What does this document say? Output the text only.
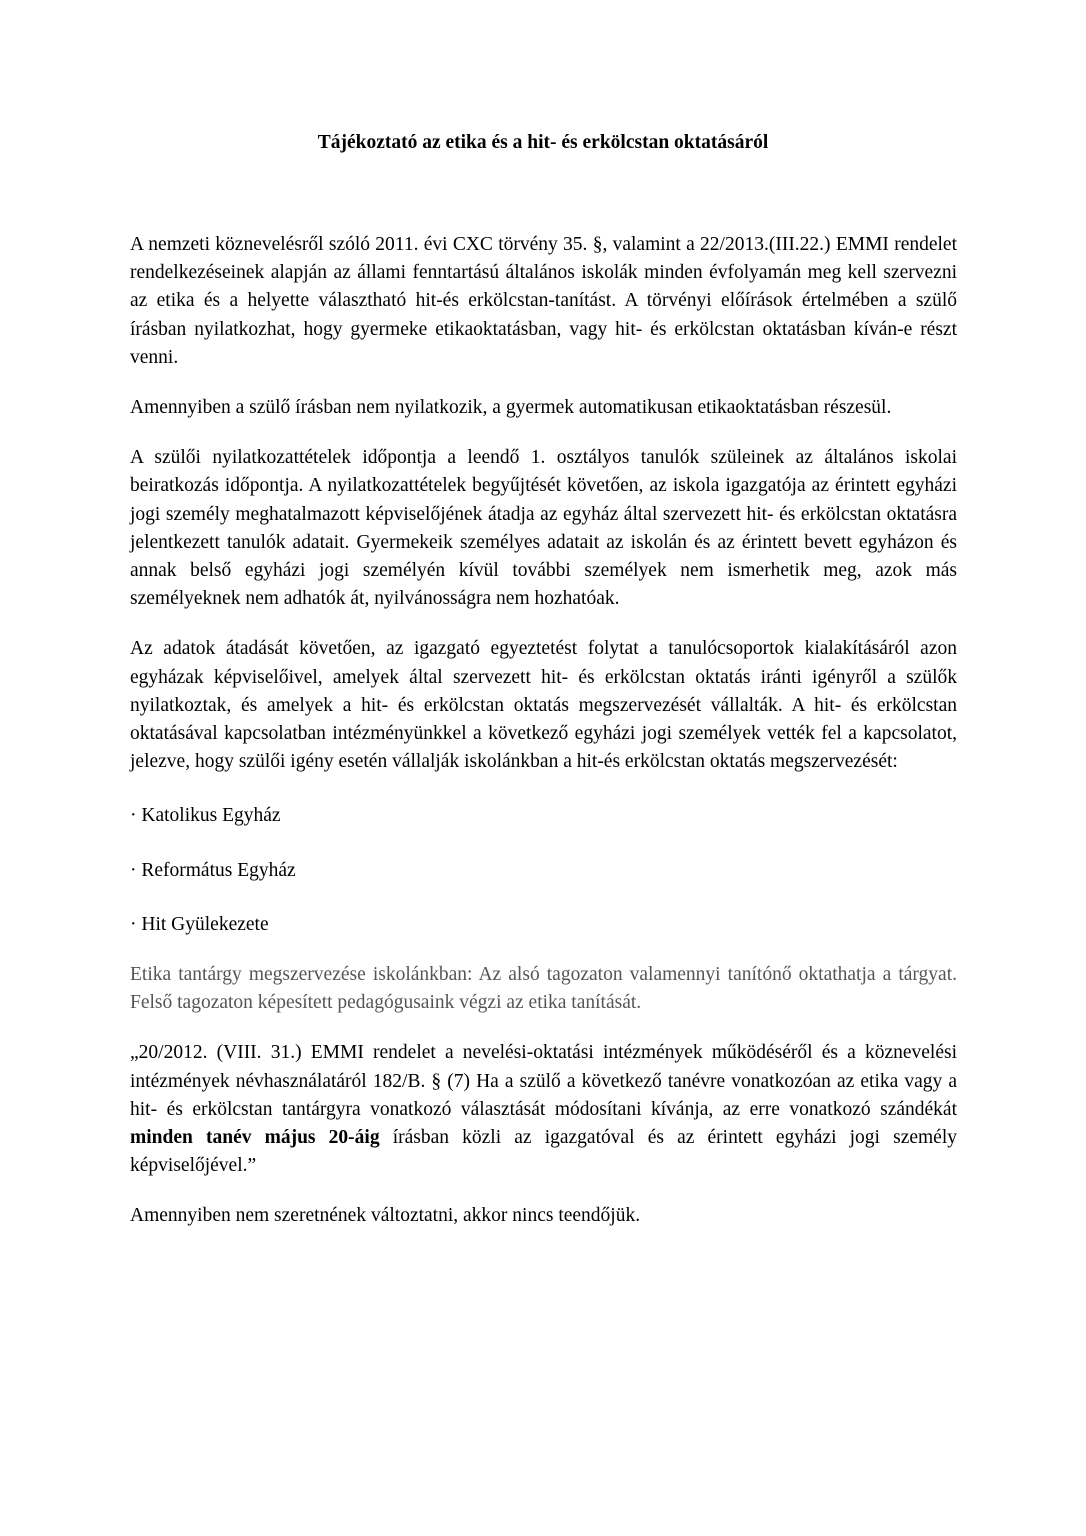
Tájékoztató az etika és a hit- és erkölcstan oktatásáról

A nemzeti köznevelésről szóló 2011. évi CXC törvény 35. §, valamint a 22/2013.(III.22.) EMMI rendelet rendelkezéseinek alapján az állami fenntartású általános iskolák minden évfolyamán meg kell szervezni az etika és a helyette választható hit-és erkölcstan-tanítást. A törvényi előírások értelmében a szülő írásban nyilatkozhat, hogy gyermeke etikaoktatásban, vagy hit- és erkölcstan oktatásban kíván-e részt venni.

Amennyiben a szülő írásban nem nyilatkozik, a gyermek automatikusan etikaoktatásban részesül.

A szülői nyilatkozattételek időpontja a leendő 1. osztályos tanulók szüleinek az általános iskolai beiratkozás időpontja. A nyilatkozattételek begyűjtését követően, az iskola igazgatója az érintett egyházi jogi személy meghatalmazott képviselőjének átadja az egyház által szervezett hit- és erkölcstan oktatásra jelentkezett tanulók adatait. Gyermekeik személyes adatait az iskolán és az érintett bevett egyházon és annak belső egyházi jogi személyén kívül további személyek nem ismerhetik meg, azok más személyeknek nem adhatók át, nyilvánosságra nem hozhatóak.

Az adatok átadását követően, az igazgató egyeztetést folytat a tanulócsoportok kialakításáról azon egyházak képviselőivel, amelyek által szervezett hit- és erkölcstan oktatás iránti igényről a szülők nyilatkoztak, és amelyek a hit- és erkölcstan oktatás megszervezését vállalták. A hit- és erkölcstan oktatásával kapcsolatban intézményünkkel a következő egyházi jogi személyek vették fel a kapcsolatot, jelezve, hogy szülői igény esetén vállalják iskolánkban a hit-és erkölcstan oktatás megszervezését:

· Katolikus Egyház

· Református Egyház

· Hit Gyülekezete

Etika tantárgy megszervezése iskolánkban: Az alsó tagozaton valamennyi tanítónő oktathatja a tárgyat. Felső tagozaton képesített pedagógusaink végzi az etika tanítását.

„20/2012. (VIII. 31.) EMMI rendelet a nevelési-oktatási intézmények működéséről és a köznevelési intézmények névhasználatáról 182/B. § (7) Ha a szülő a következő tanévre vonatkozóan az etika vagy a hit- és erkölcstan tantárgyra vonatkozó választását módosítani kívánja, az erre vonatkozó szándékát minden tanév május 20-áig írásban közli az igazgatóval és az érintett egyházi jogi személy képviselőjével.”

Amennyiben nem szeretnének változtatni, akkor nincs teendőjük.
